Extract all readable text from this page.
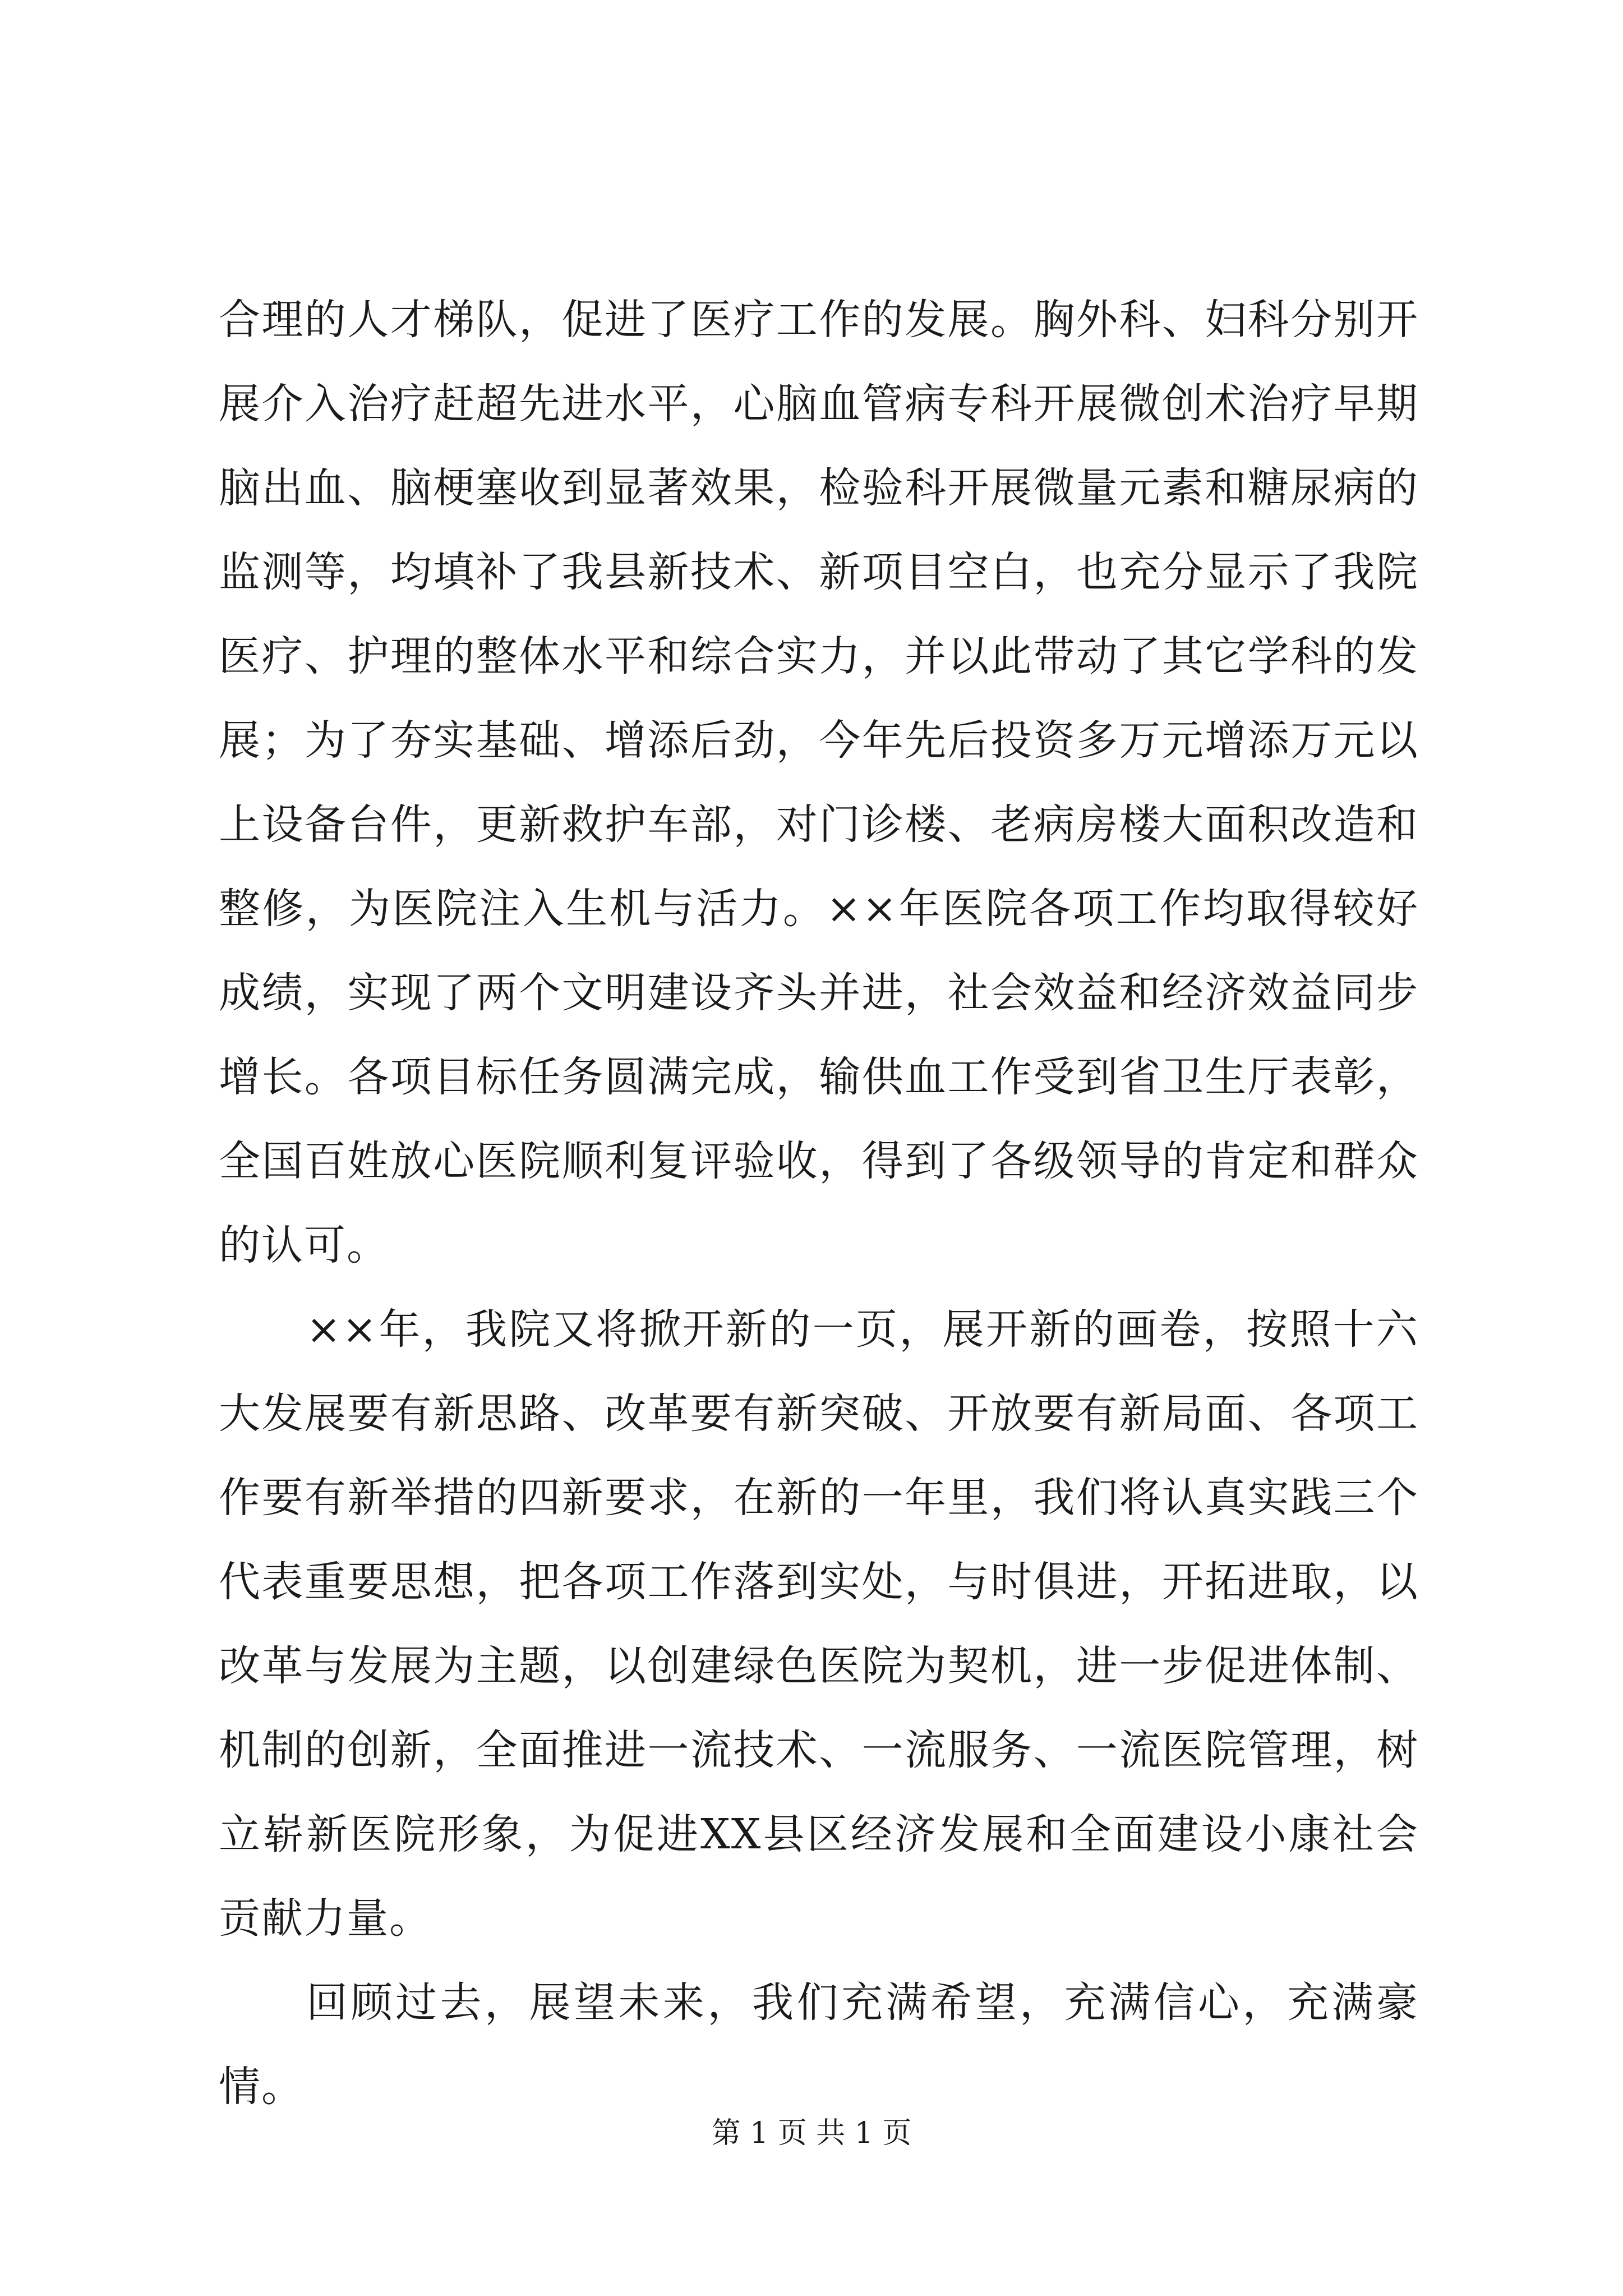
合理的人才梯队，促进了医疗工作的发展。胸外科、妇科分别开展介入治疗赶超先进水平，心脑血管病专科开展微创术治疗早期脑出血、脑梗塞收到显著效果，检验科开展微量元素和糖尿病的监测等，均填补了我县新技术、新项目空白，也充分显示了我院医疗、护理的整体水平和综合实力，并以此带动了其它学科的发展；为了夯实基础、增添后劲，今年先后投资多万元增添万元以上设备台件，更新救护车部，对门诊楼、老病房楼大面积改造和整修，为医院注入生机与活力。××年医院各项工作均取得较好成绩，实现了两个文明建设齐头并进，社会效益和经济效益同步增长。各项目标任务圆满完成，输供血工作受到省卫生厅表彰，全国百姓放心医院顺利复评验收，得到了各级领导的肯定和群众的认可。

××年，我院又将掀开新的一页，展开新的画卷，按照十六大发展要有新思路、改革要有新突破、开放要有新局面、各项工作要有新举措的四新要求，在新的一年里，我们将认真实践三个代表重要思想，把各项工作落到实处，与时俱进，开拓进取，以改革与发展为主题，以创建绿色医院为契机，进一步促进体制、机制的创新，全面推进一流技术、一流服务、一流医院管理，树立崭新医院形象，为促进XX县区经济发展和全面建设小康社会贡献力量。

回顾过去，展望未来，我们充满希望，充满信心，充满豪情。

第 1 页 共 1 页
